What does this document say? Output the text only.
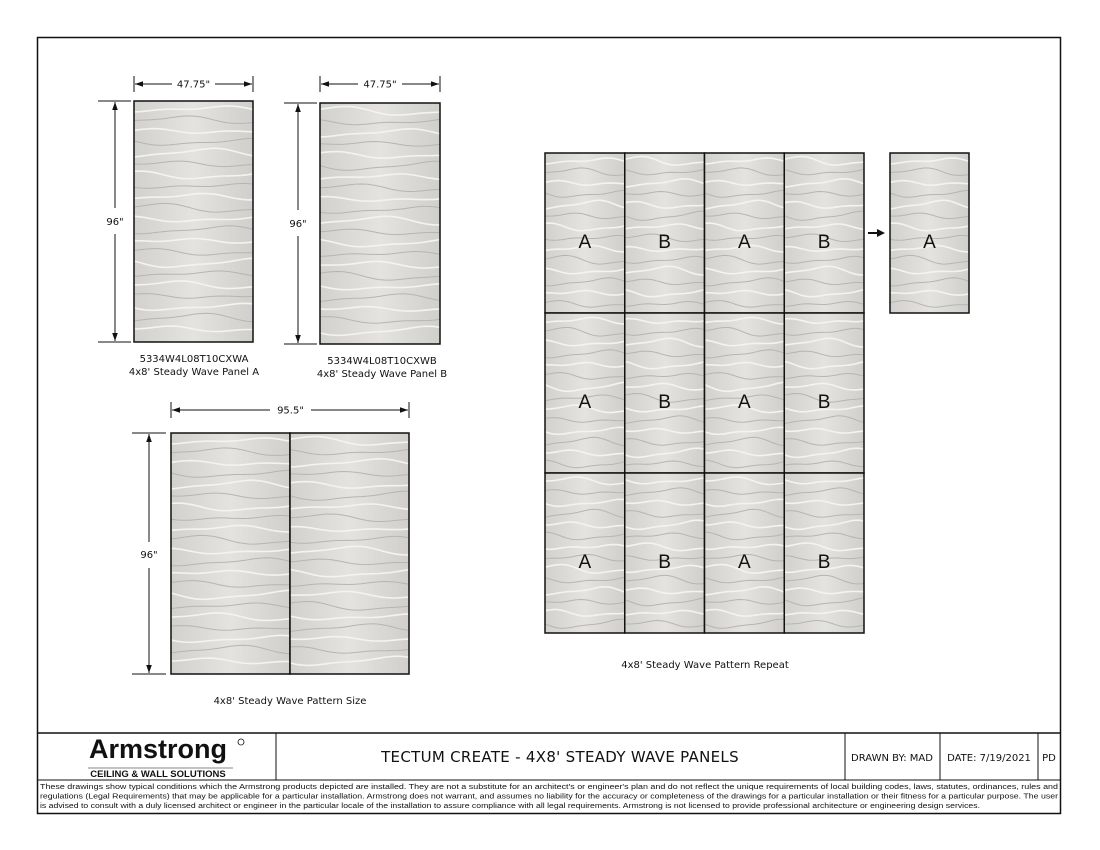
47.75"
96"
5334W4L08T10CXWA
4x8' Steady Wave Panel A
47.75"
96"
5334W4L08T10CXWB
4x8' Steady Wave Panel B
95.5"
96"
4x8' Steady Wave Pattern Size
A	B	A	B
A	B	A	B
A	B	A	B
A
4x8' Steady Wave Pattern Repeat
Armstrong
CEILING & WALL SOLUTIONS
TECTUM CREATE - 4X8' STEADY WAVE PANELS	DRAWN BY: MAD DATE: 7/19/2021 PD
These drawings show typical conditions which the Armstrong products depicted are installed. They are not a substitute for an architect's or engineer's plan and do not reflect the unique requirements of local building codes, laws, statutes, ordinances, rules and
regulations (Legal Requirements) that may be applicable for a particular installation. Armstrong does not warrant, and assumes no liability for the accuracy or completeness of the drawings for a particular installation or their fitness for a particular purpose. The user
is advised to consult with a duly licensed architect or engineer in the particular locale of the installation to assure compliance with all legal requirements. Armstrong is not licensed to provide professional architecture or engineering design services.
